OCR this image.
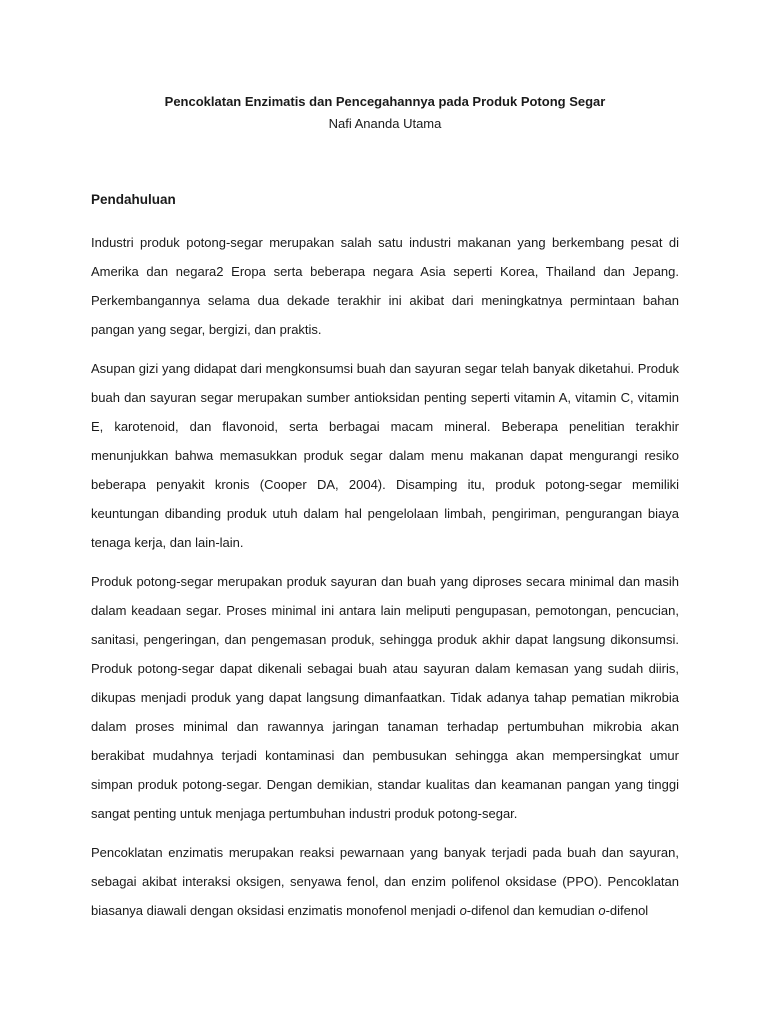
Pencoklatan Enzimatis dan Pencegahannya pada Produk Potong Segar

Nafi Ananda Utama

Pendahuluan

Industri produk potong-segar merupakan salah satu industri makanan yang berkembang pesat di Amerika dan negara2 Eropa serta beberapa negara Asia seperti Korea, Thailand dan Jepang. Perkembangannya selama dua dekade terakhir ini akibat dari meningkatnya permintaan bahan pangan yang segar, bergizi, dan praktis.

Asupan gizi yang didapat dari mengkonsumsi buah dan sayuran segar telah banyak diketahui. Produk buah dan sayuran segar merupakan sumber antioksidan penting seperti vitamin A, vitamin C, vitamin E, karotenoid, dan flavonoid, serta berbagai macam mineral. Beberapa penelitian terakhir menunjukkan bahwa memasukkan produk segar dalam menu makanan dapat mengurangi resiko beberapa penyakit kronis (Cooper DA, 2004). Disamping itu, produk potong-segar memiliki keuntungan dibanding produk utuh dalam hal pengelolaan limbah, pengiriman, pengurangan biaya tenaga kerja, dan lain-lain.

Produk potong-segar merupakan produk sayuran dan buah yang diproses secara minimal dan masih dalam keadaan segar. Proses minimal ini antara lain meliputi pengupasan, pemotongan, pencucian, sanitasi, pengeringan, dan pengemasan produk, sehingga produk akhir dapat langsung dikonsumsi. Produk potong-segar dapat dikenali sebagai buah atau sayuran dalam kemasan yang sudah diiris, dikupas menjadi produk yang dapat langsung dimanfaatkan. Tidak adanya tahap pematian mikrobia dalam proses minimal dan rawannya jaringan tanaman terhadap pertumbuhan mikrobia akan berakibat mudahnya terjadi kontaminasi dan pembusukan sehingga akan mempersingkat umur simpan produk potong-segar. Dengan demikian, standar kualitas dan keamanan pangan yang tinggi sangat penting untuk menjaga pertumbuhan industri produk potong-segar.

Pencoklatan enzimatis merupakan reaksi pewarnaan yang banyak terjadi pada buah dan sayuran, sebagai akibat interaksi oksigen, senyawa fenol, dan enzim polifenol oksidase (PPO). Pencoklatan biasanya diawali dengan oksidasi enzimatis monofenol menjadi o-difenol dan kemudian o-difenol
